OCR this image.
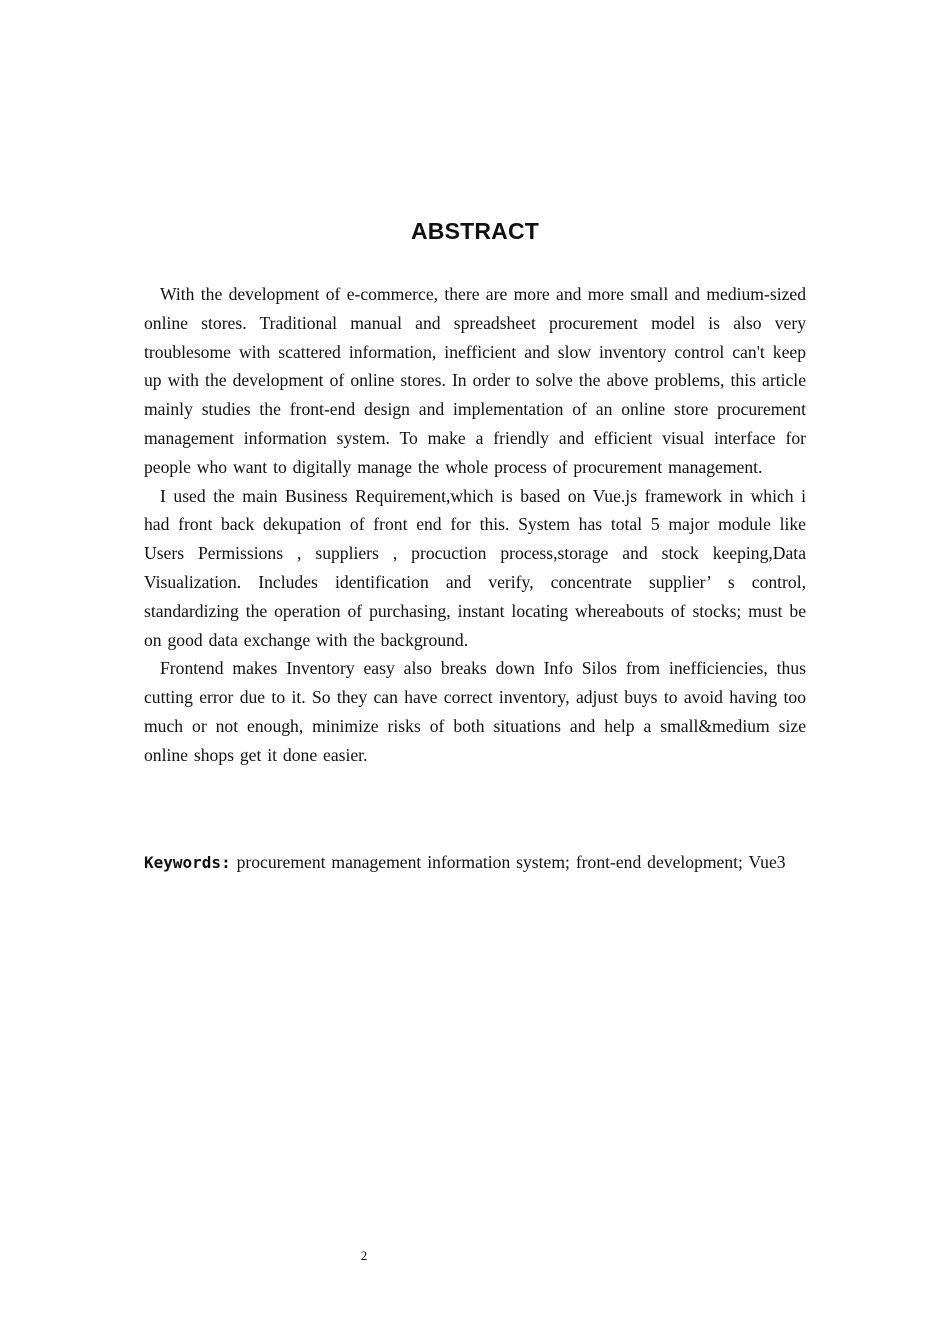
ABSTRACT

With the development of e-commerce, there are more and more small and medium-sized online stores. Traditional manual and spreadsheet procurement model is also very troublesome with scattered information, inefficient and slow inventory control can't keep up with the development of online stores. In order to solve the above problems, this article mainly studies the front-end design and implementation of an online store procurement management information system. To make a friendly and efficient visual interface for people who want to digitally manage the whole process of procurement management.

I used the main Business Requirement,which is based on Vue.js framework in which i had front back dekupation of front end for this. System has total 5 major module like Users Permissions , suppliers , procuction process,storage and stock keeping,Data Visualization. Includes identification and verify, concentrate supplier’ s control, standardizing the operation of purchasing, instant locating whereabouts of stocks; must be on good data exchange with the background.

Frontend makes Inventory easy also breaks down Info Silos from inefficiencies, thus cutting error due to it. So they can have correct inventory, adjust buys to avoid having too much or not enough, minimize risks of both situations and help a small&medium size online shops get it done easier.

Keywords: procurement management information system; front-end development; Vue3

2
